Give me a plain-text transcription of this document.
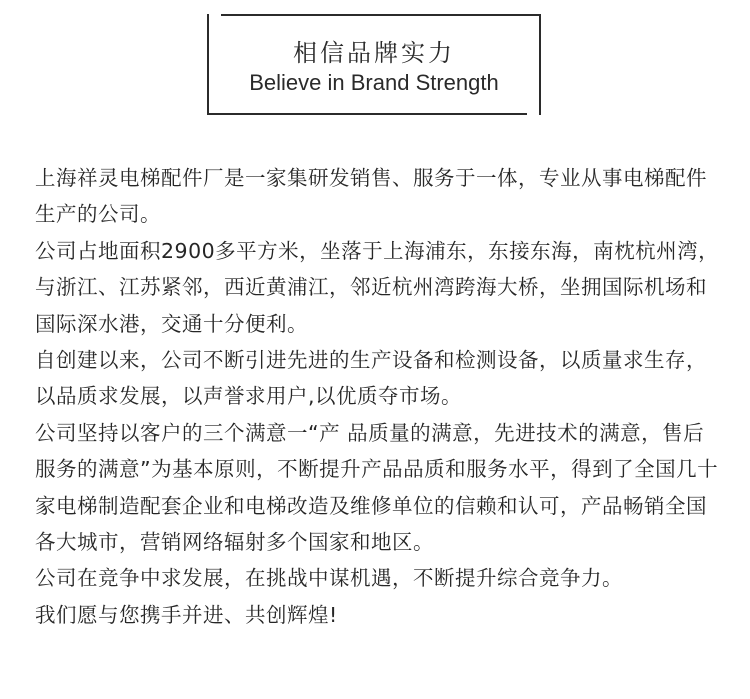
相信品牌实力
Believe in Brand Strength

上海祥灵电梯配件厂是一家集研发销售、服务于一体，专业从事电梯配件生产的公司。

公司占地面积2900多平方米，坐落于上海浦东，东接东海，南枕杭州湾，与浙江、江苏紧邻，西近黄浦江，邻近杭州湾跨海大桥，坐拥国际机场和国际深水港，交通十分便利。

自创建以来，公司不断引进先进的生产设备和检测设备，以质量求生存，以品质求发展，以声誉求用户,以优质夺市场。

公司坚持以客户的三个满意一“产 品质量的满意，先进技术的满意，售后服务的满意”为基本原则，不断提升产品品质和服务水平，得到了全国几十家电梯制造配套企业和电梯改造及维修单位的信赖和认可，产品畅销全国各大城市，营销网络辐射多个国家和地区。

公司在竞争中求发展，在挑战中谋机遇，不断提升综合竞争力。

我们愿与您携手并进、共创辉煌!
